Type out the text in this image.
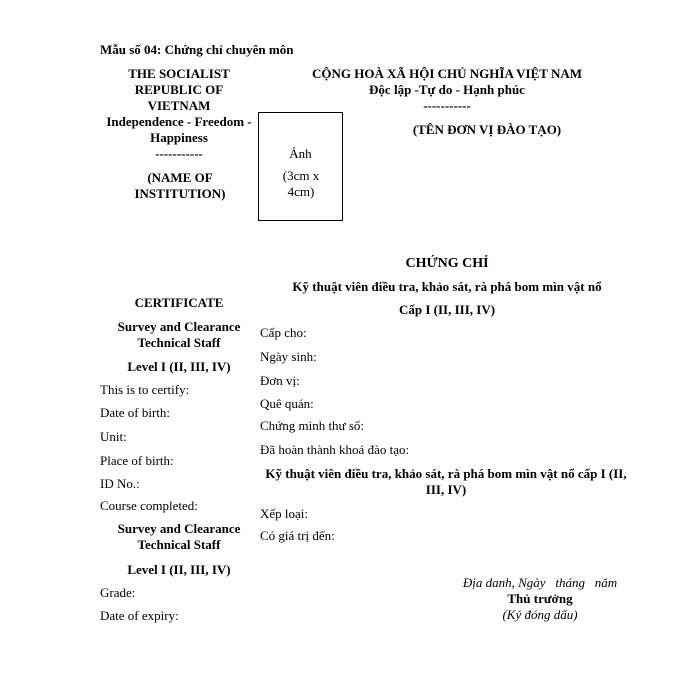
Mẫu số 04: Chứng chỉ chuyên môn
THE SOCIALIST REPUBLIC OF VIETNAM
Independence - Freedom - Happiness
-----------
(NAME OF INSTITUTION)
Ảnh
(3cm x 4cm)
CỘNG HOÀ XÃ HỘI CHỦ NGHĨA VIỆT NAM
Độc lập -Tự do - Hạnh phúc
-----------
(TÊN ĐƠN VỊ ĐÀO TẠO)
CHỨNG CHỈ
Kỹ thuật viên điều tra, khảo sát, rà phá bom mìn vật nổ
Cấp I (II, III, IV)
CERTIFICATE
Survey and Clearance Technical Staff
Level I (II, III, IV)
This is to certify:
Date of birth:
Unit:
Place of birth:
ID No.:
Course completed:
Survey and Clearance Technical Staff
Level I (II, III, IV)
Grade:
Date of expiry:
Cấp cho:
Ngày sinh:
Đơn vị:
Quê quán:
Chứng minh thư số:
Đã hoàn thành khoá đào tạo:
Kỹ thuật viên điều tra, khảo sát, rà phá bom mìn vật nổ cấp I (II, III, IV)
Xếp loại:
Có giá trị đến:
Địa danh, Ngày   tháng   năm
Thủ trưởng
(Ký đóng dấu)
